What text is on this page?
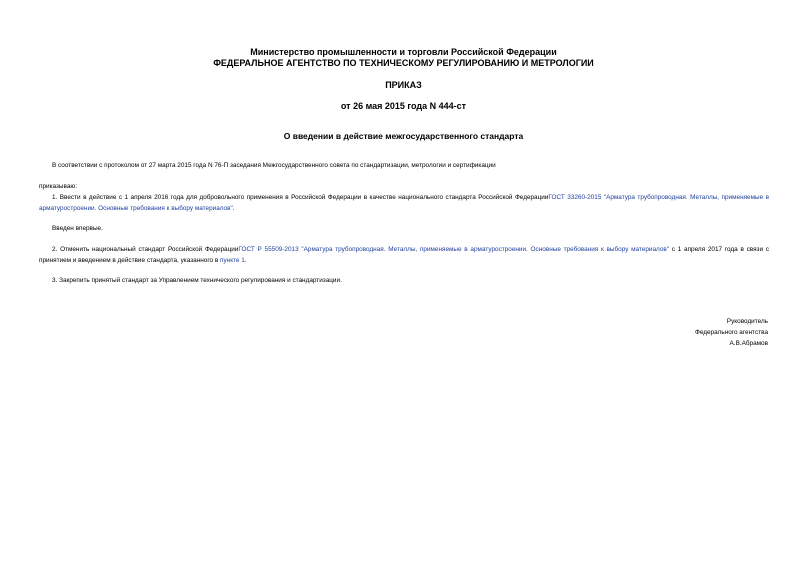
Министерство промышленности и торговли Российской Федерации
ФЕДЕРАЛЬНОЕ АГЕНТСТВО ПО ТЕХНИЧЕСКОМУ РЕГУЛИРОВАНИЮ И МЕТРОЛОГИИ
ПРИКАЗ
от 26 мая 2015 года N 444-ст
О введении в действие межгосударственного стандарта
В соответствии с протоколом от 27 марта 2015 года N 76-П заседания Межгосударственного совета по стандартизации, метрологии и сертификации
приказываю:
1. Ввести в действие с 1 апреля 2016 года для добровольного применения в Российской Федерации в качестве национального стандарта Российской ФедерацииГОСТ 33260-2015 "Арматура трубопроводная. Металлы, применяемые в арматуростроении. Основные требования к выбору материалов".
Введен впервые.
2. Отменить национальный стандарт Российской ФедерацииГОСТ Р 55509-2013 "Арматура трубопроводная. Металлы, применяемые в арматуростроении. Основные требования к выбору материалов" с 1 апреля 2017 года в связи с принятием и введением в действие стандарта, указанного в пункте 1.
3. Закрепить принятый стандарт за Управлением технического регулирования и стандартизации.
Руководитель
Федерального агентства
А.В.Абрамов
